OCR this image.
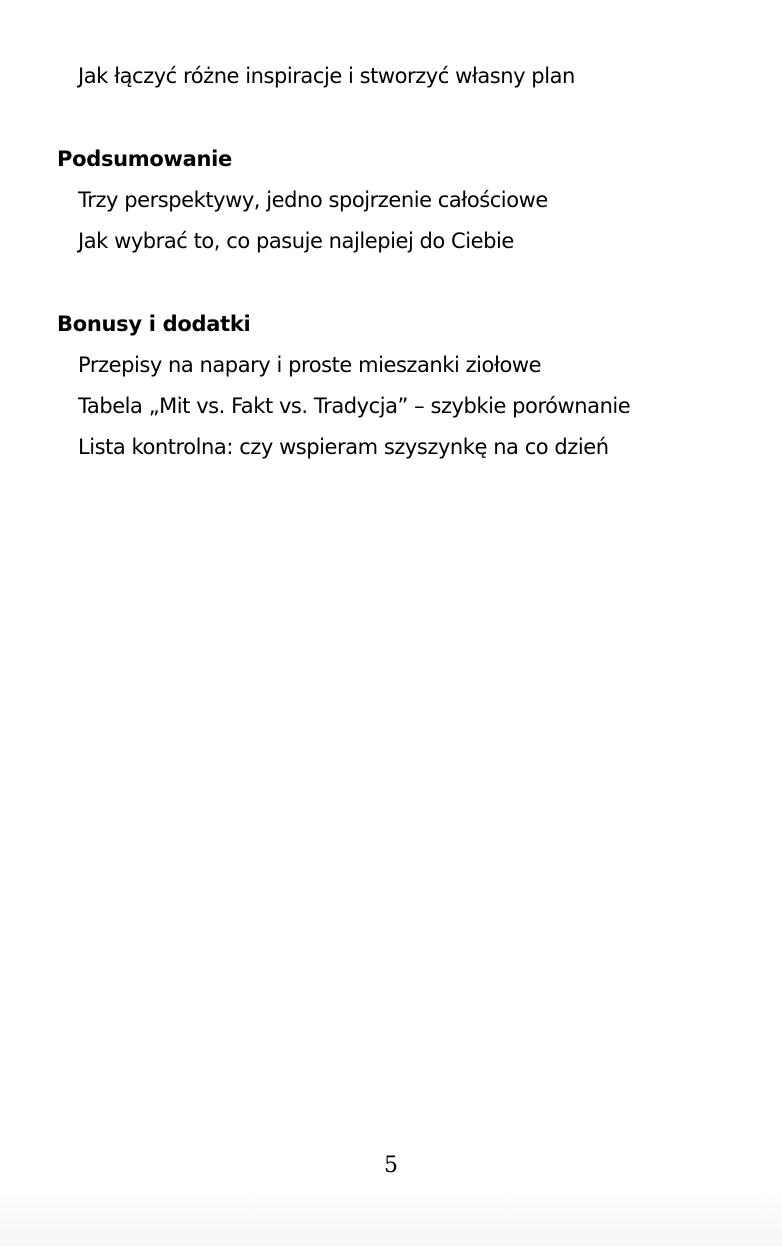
Jak łączyć różne inspiracje i stworzyć własny plan
Podsumowanie
Trzy perspektywy, jedno spojrzenie całościowe
Jak wybrać to, co pasuje najlepiej do Ciebie
Bonusy i dodatki
Przepisy na napary i proste mieszanki ziołowe
Tabela „Mit vs. Fakt vs. Tradycja” – szybkie porównanie
Lista kontrolna: czy wspieram szyszynkę na co dzień
5
